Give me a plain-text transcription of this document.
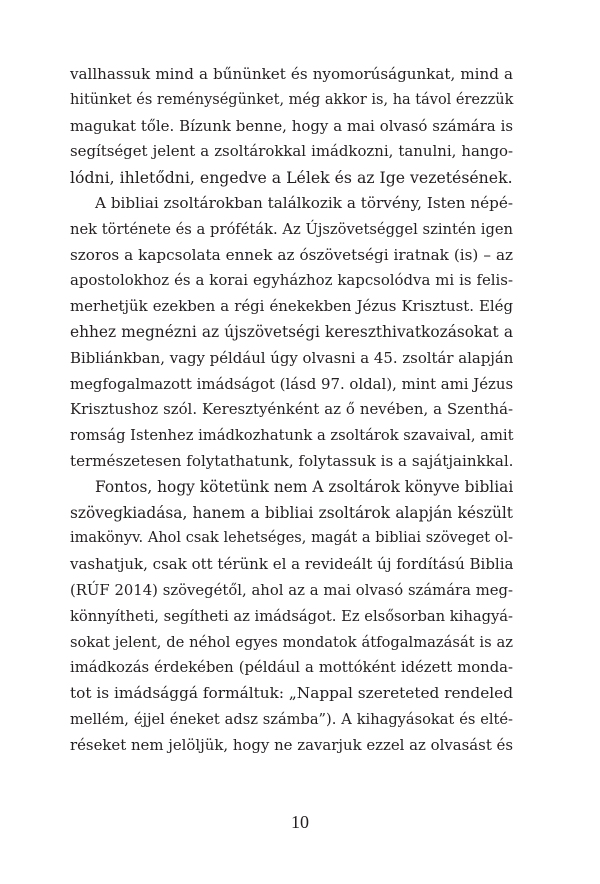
vallhassuk mind a bűnünket és nyomorúságunkat, mind a
hitünket és reménységünket, még akkor is, ha távol érezzük
magukat tőle. Bízunk benne, hogy a mai olvasó számára is
segítséget jelent a zsoltárokkal imádkozni, tanulni, hango-
lódni, ihletődni, engedve a Lélek és az Ige vezetésének.

A bibliai zsoltárokban találkozik a törvény, Isten népé-
nek története és a próféták. Az Újszövetséggel szintén igen
szoros a kapcsolata ennek az ószövetségi iratnak (is) – az
apostolokhoz és a korai egyházhoz kapcsolódva mi is felis-
merhetjük ezekben a régi énekekben Jézus Krisztust. Elég
ehhez megnézni az újszövetségi kereszthivatkozásokat a
Bibliánkban, vagy például úgy olvasni a 45. zsoltár alapján
megfogalmazott imádságot (lásd 97. oldal), mint ami Jézus
Krisztushoz szól. Keresztyénként az ő nevében, a Szenthá-
romság Istenhez imádkozhatunk a zsoltárok szavaival, amit
természetesen folytathatunk, folytassuk is a sajátjainkkal.

Fontos, hogy kötetünk nem A zsoltárok könyve bibliai
szövegkiadása, hanem a bibliai zsoltárok alapján készült
imakönyv. Ahol csak lehetséges, magát a bibliai szöveget ol-
vashatjuk, csak ott térünk el a revideált új fordítású Biblia
(RÚF 2014) szövegétől, ahol az a mai olvasó számára meg-
könnyítheti, segítheti az imádságot. Ez elsősorban kihagyá-
sokat jelent, de néhol egyes mondatok átfogalmazását is az
imádkozás érdekében (például a mottóként idézett monda-
tot is imádsággá formáltuk: „Nappal szereteted rendeled
mellém, éjjel éneket adsz számba”). A kihagyásokat és elté-
réseket nem jelöljük, hogy ne zavarjuk ezzel az olvasást és

10
